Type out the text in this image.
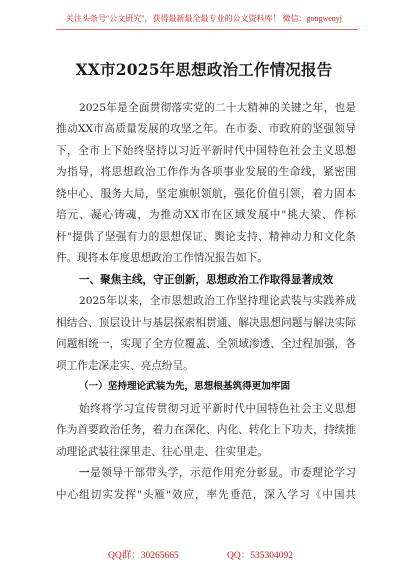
关注头条号"公文研究"，获得最新最全最专业的公文资料库！ 微信：gongwenyj
XX市2025年思想政治工作情况报告
2025年是全面贯彻落实党的二十大精神的关键之年，也是
推动XX市高质量发展的攻坚之年。在市委、市政府的坚强领导
下，全市上下始终坚持以习近平新时代中国特色社会主义思想
为指导，将思想政治工作作为各项事业发展的生命线，紧密围
绕中心、服务大局，坚定旗帜领航，强化价值引领，着力固本
培元、凝心铸魂，为推动XX市在区域发展中"挑大梁、作标
杆"提供了坚强有力的思想保证、舆论支持、精神动力和文化条
件。现将本年度思想政治工作情况报告如下。
一、聚焦主线，守正创新，思想政治工作取得显著成效
2025年以来，全市思想政治工作坚持理论武装与实践养成
相结合、顶层设计与基层探索相贯通、解决思想问题与解决实际
问题相统一，实现了全方位覆盖、全领域渗透、全过程加强，各
项工作走深走实、亮点纷呈。
（一）坚持理论武装为先，思想根基筑得更加牢固
始终将学习宣传贯彻习近平新时代中国特色社会主义思想
作为首要政治任务，着力在深化、内化、转化上下功夫，持续推
动理论武装往深里走、往心里走、往实里走。
一是领导干部带头学，示范作用充分彰显。市委理论学习
中心组切实发挥"头雁"效应，率先垂范，深入学习《中国共
QQ群：30265665	QQ：535304092
